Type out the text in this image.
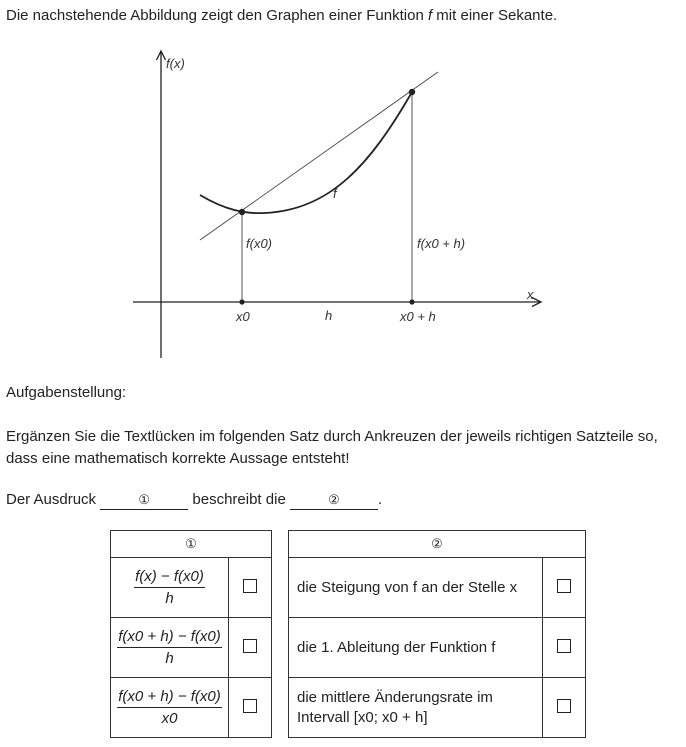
Die nachstehende Abbildung zeigt den Graphen einer Funktion f mit einer Sekante.
f(x)
x
f
f(x0)	f(x0 + h)
x0	h	x0 + h
Aufgabenstellung:
Ergänzen Sie die Textlücken im folgenden Satz durch Ankreuzen der jeweils richtigen Satzteile so, dass eine mathematisch korrekte Aussage entsteht!
Der Ausdruck	①	beschreibt die	②	.
①	

$\frac{f(x) - f(x0)}{h}$

$\frac{f(x0 + h) - f(x0)}{h}$

$\frac{f(x0 + h) - f(x0)}{x0}$

②	
die Steigung von f an der Stelle x	
die 1. Ableitung der Funktion f	
die mittlere Änderungsrate im Intervall [x0; x0 + h]	
